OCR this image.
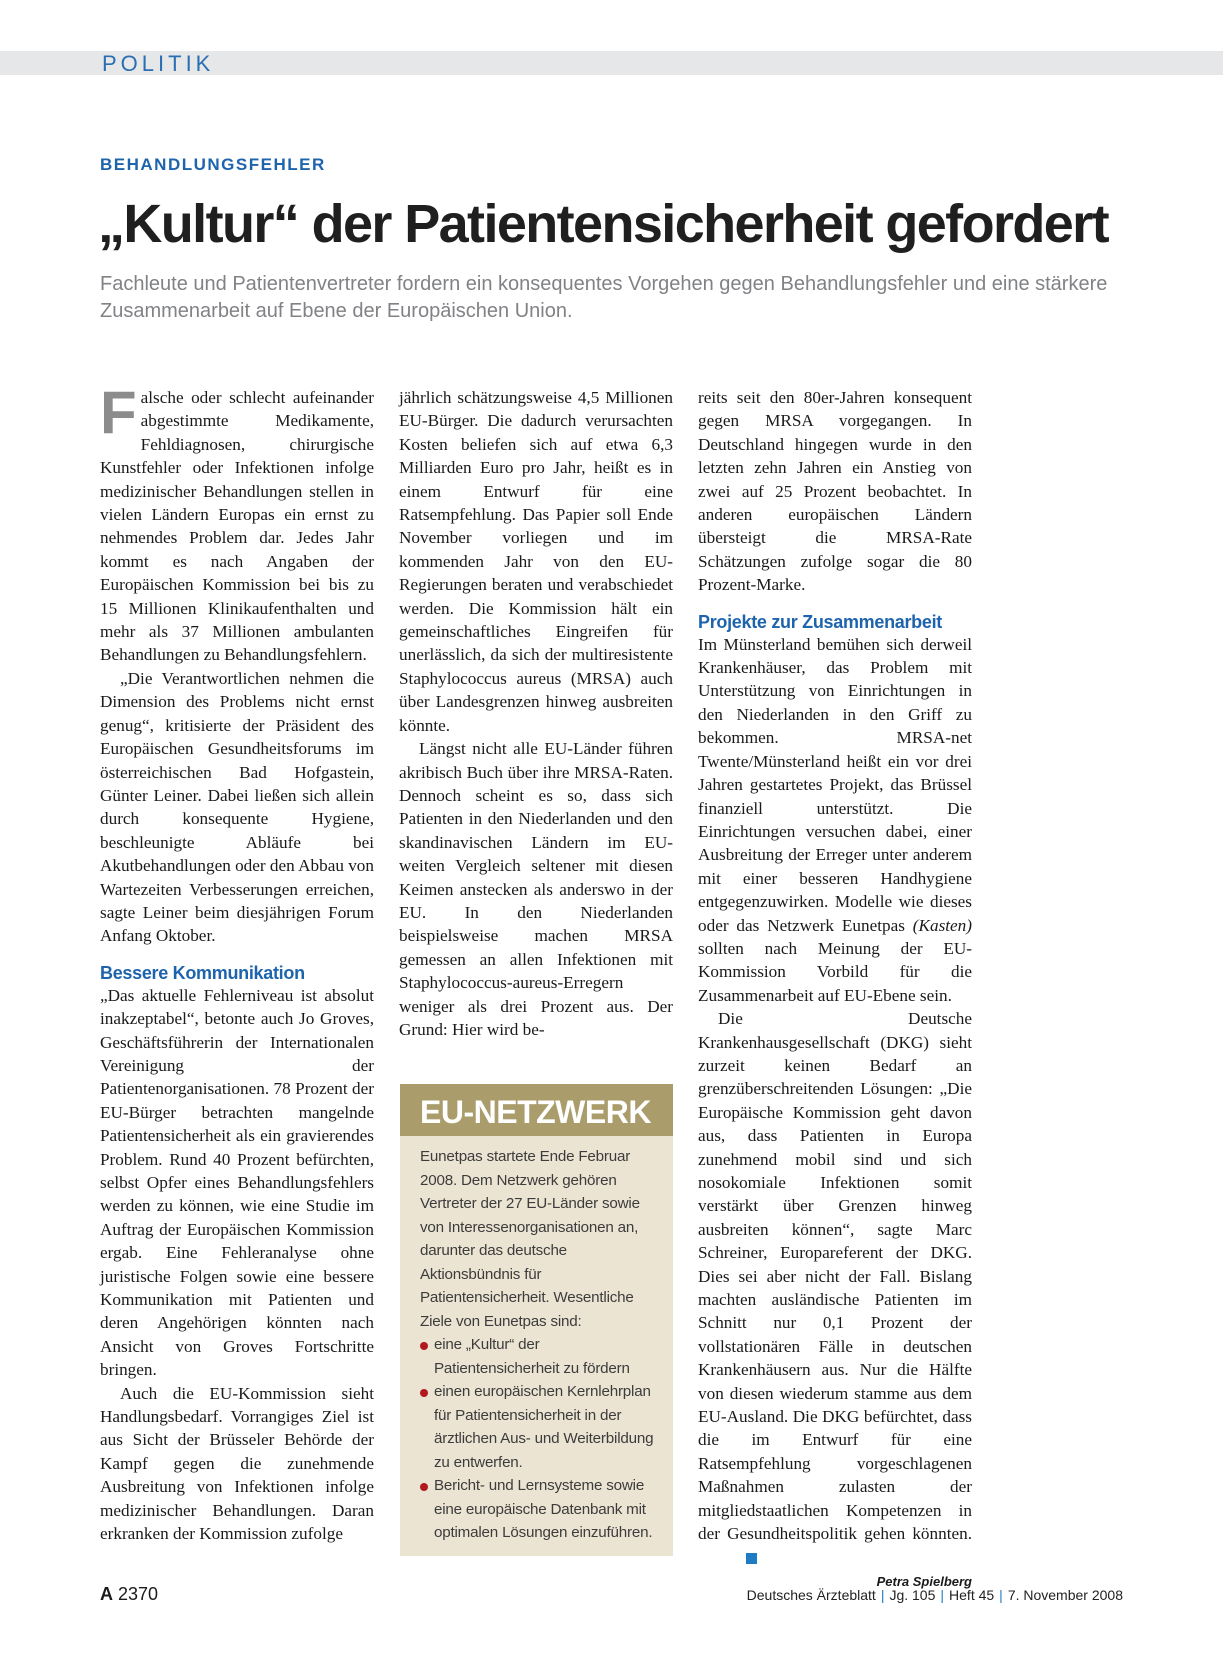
POLITIK
BEHANDLUNGSFEHLER
„Kultur“ der Patientensicherheit gefordert
Fachleute und Patientenvertreter fordern ein konsequentes Vorgehen gegen Behandlungsfehler und eine stärkere Zusammenarbeit auf Ebene der Europäischen Union.

Falsche oder schlecht aufeinander abgestimmte Medikamente, Fehldiagnosen, chirurgische Kunstfehler oder Infektionen infolge medizinischer Behandlungen stellen in vielen Ländern Europas ein ernst zu nehmendes Problem dar. Jedes Jahr kommt es nach Angaben der Europäischen Kommission bei bis zu 15 Millionen Klinikaufenthalten und mehr als 37 Millionen ambulanten Behandlungen zu Behandlungsfehlern.

„Die Verantwortlichen nehmen die Dimension des Problems nicht ernst genug“, kritisierte der Präsident des Europäischen Gesundheitsforums im österreichischen Bad Hofgastein, Günter Leiner. Dabei ließen sich allein durch konsequente Hygiene, beschleunigte Abläufe bei Akutbehandlungen oder den Abbau von Wartezeiten Verbesserungen erreichen, sagte Leiner beim diesjährigen Forum Anfang Oktober.

Bessere Kommunikation

„Das aktuelle Fehlerniveau ist absolut inakzeptabel“, betonte auch Jo Groves, Geschäftsführerin der Internationalen Vereinigung der Patientenorganisationen. 78 Prozent der EU-Bürger betrachten mangelnde Patientensicherheit als ein gravierendes Problem. Rund 40 Prozent befürchten, selbst Opfer eines Behandlungsfehlers werden zu können, wie eine Studie im Auftrag der Europäischen Kommission ergab. Eine Fehleranalyse ohne juristische Folgen sowie eine bessere Kommunikation mit Patienten und deren Angehörigen könnten nach Ansicht von Groves Fortschritte bringen.

Auch die EU-Kommission sieht Handlungsbedarf. Vorrangiges Ziel ist aus Sicht der Brüsseler Behörde der Kampf gegen die zunehmende Ausbreitung von Infektionen infolge medizinischer Behandlungen. Daran erkranken der Kommission zufolge

jährlich schätzungsweise 4,5 Millionen EU-Bürger. Die dadurch verursachten Kosten beliefen sich auf etwa 6,3 Milliarden Euro pro Jahr, heißt es in einem Entwurf für eine Ratsempfehlung. Das Papier soll Ende November vorliegen und im kommenden Jahr von den EU-Regierungen beraten und verabschiedet werden. Die Kommission hält ein gemeinschaftliches Eingreifen für unerlässlich, da sich der multiresistente Staphylococcus aureus (MRSA) auch über Landesgrenzen hinweg ausbreiten könnte.

Längst nicht alle EU-Länder führen akribisch Buch über ihre MRSA-Raten. Dennoch scheint es so, dass sich Patienten in den Niederlanden und den skandinavischen Ländern im EU-weiten Vergleich seltener mit diesen Keimen anstecken als anderswo in der EU. In den Niederlanden beispielsweise machen MRSA gemessen an allen Infektionen mit Staphylococcus-aureus-Erregern weniger als drei Prozent aus. Der Grund: Hier wird be-

EU-NETZWERK

Eunetpas startete Ende Februar 2008. Dem Netzwerk gehören Vertreter der 27 EU-Länder sowie von Interessenorganisationen an, darunter das deutsche Aktionsbündnis für Patientensicherheit. Wesentliche Ziele von Eunetpas sind:

eine „Kultur“ der Patientensicherheit zu fördern
einen europäischen Kernlehrplan für Patientensicherheit in der ärztlichen Aus- und Weiterbildung zu entwerfen.
Bericht- und Lernsysteme sowie eine europäische Datenbank mit optimalen Lösungen einzuführen.

reits seit den 80er-Jahren konsequent gegen MRSA vorgegangen. In Deutschland hingegen wurde in den letzten zehn Jahren ein Anstieg von zwei auf 25 Prozent beobachtet. In anderen europäischen Ländern übersteigt die MRSA-Rate Schätzungen zufolge sogar die 80 Prozent-Marke.

Projekte zur Zusammenarbeit

Im Münsterland bemühen sich derweil Krankenhäuser, das Problem mit Unterstützung von Einrichtungen in den Niederlanden in den Griff zu bekommen. MRSA-net Twente/Münsterland heißt ein vor drei Jahren gestartetes Projekt, das Brüssel finanziell unterstützt. Die Einrichtungen versuchen dabei, einer Ausbreitung der Erreger unter anderem mit einer besseren Handhygiene entgegenzuwirken. Modelle wie dieses oder das Netzwerk Eunetpas (Kasten) sollten nach Meinung der EU-Kommission Vorbild für die Zusammenarbeit auf EU-Ebene sein.

Die Deutsche Krankenhausgesellschaft (DKG) sieht zurzeit keinen Bedarf an grenzüberschreitenden Lösungen: „Die Europäische Kommission geht davon aus, dass Patienten in Europa zunehmend mobil sind und sich nosokomiale Infektionen somit verstärkt über Grenzen hinweg ausbreiten können“, sagte Marc Schreiner, Europareferent der DKG. Dies sei aber nicht der Fall. Bislang machten ausländische Patienten im Schnitt nur 0,1 Prozent der vollstationären Fälle in deutschen Krankenhäusern aus. Nur die Hälfte von diesen wiederum stamme aus dem EU-Ausland. Die DKG befürchtet, dass die im Entwurf für eine Ratsempfehlung vorgeschlagenen Maßnahmen zulasten der mitgliedstaatlichen Kompetenzen in der Gesundheitspolitik gehen könnten.

Petra Spielberg
A 2370	Deutsches Ärzteblatt | Jg. 105 | Heft 45 | 7. November 2008
